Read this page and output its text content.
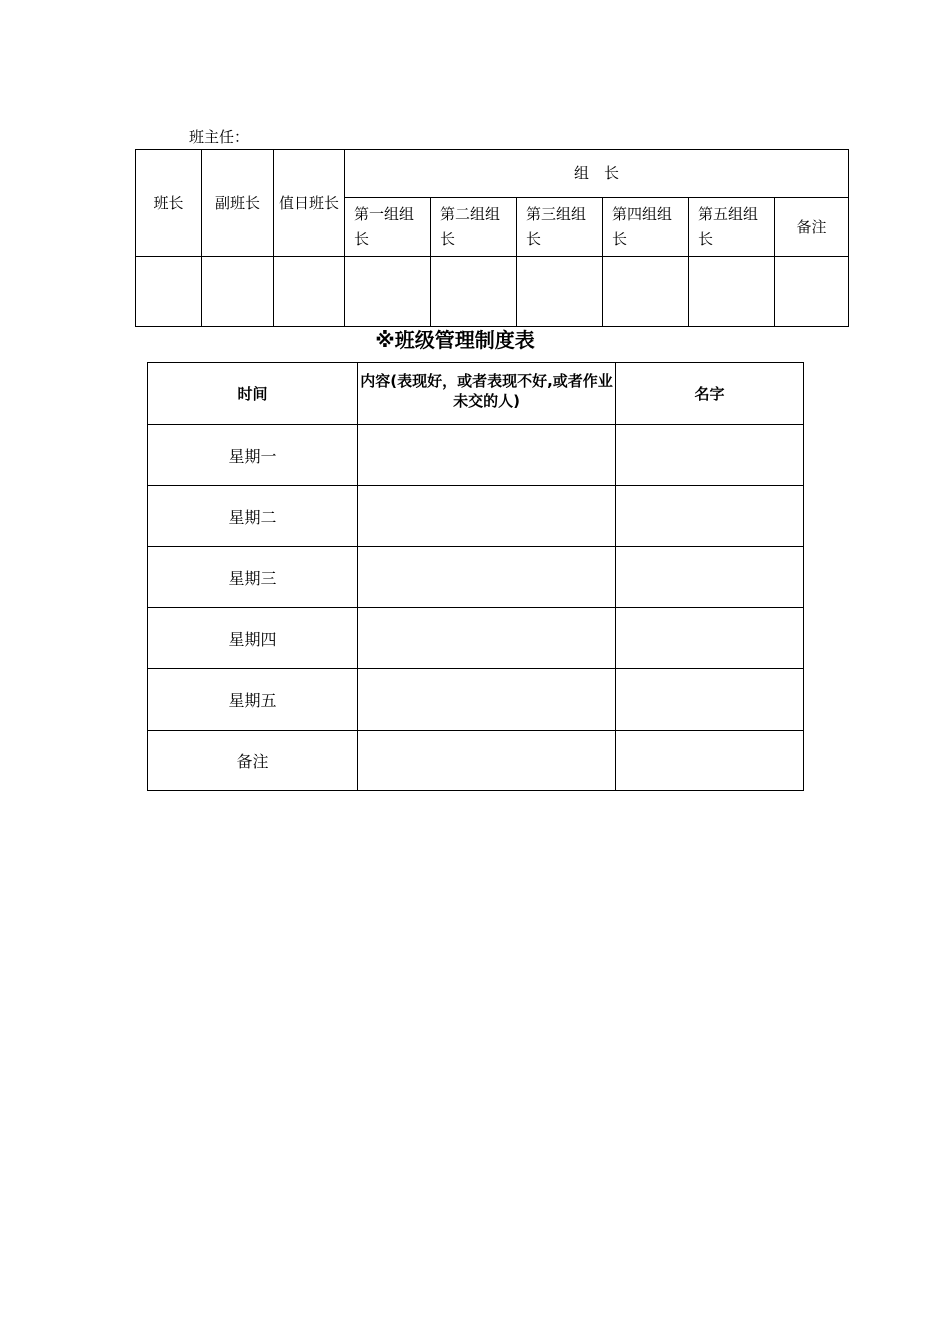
班主任：
班长	副班长	值日班长	组　长					
			第一组组长	第二组组长	第三组组长	第四组组长	第五组组长	备注

※班级管理制度表
时间	内容(表现好，或者表现不好,或者作业未交的人)	名字
星期一		
星期二		
星期三		
星期四		
星期五		
备注		
